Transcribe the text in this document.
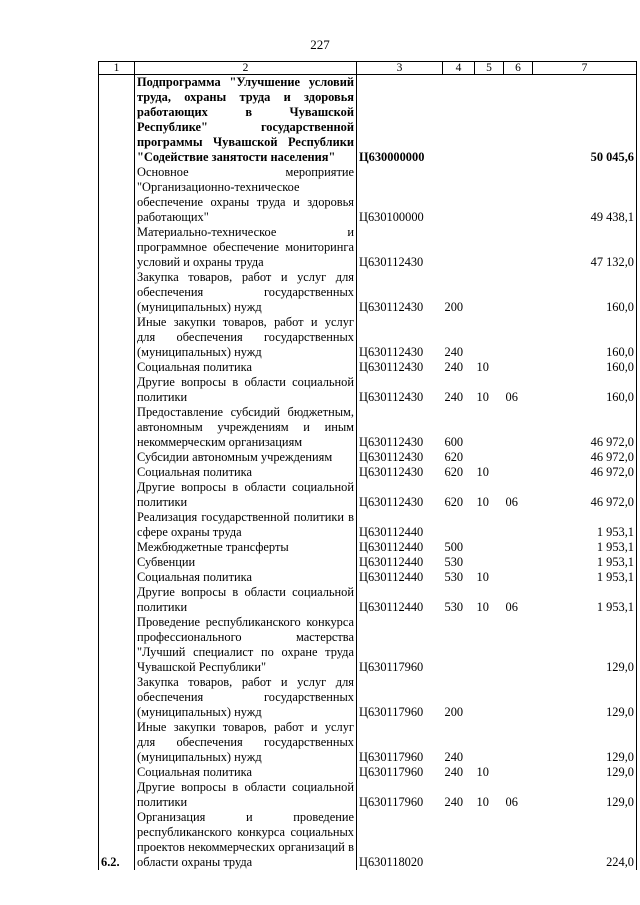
227
1	2	3	4	5	6	7
6.2.	Подпрограмма "Улучшение условий труда, охраны труда и здоровья работающих в Чувашской Республике" государственной программы Чувашской Республики "Содействие занятости населения"	Ц630000000				50 045,6
	Основное мероприятие "Организационно-техническое обеспечение охраны труда и здоровья работающих"	Ц630100000				49 438,1
	Материально-техническое и программное обеспечение мониторинга условий и охраны труда	Ц630112430				47 132,0
	Закупка товаров, работ и услуг для обеспечения государственных (муниципальных) нужд	Ц630112430	200			160,0
	Иные закупки товаров, работ и услуг для обеспечения государственных (муниципальных) нужд	Ц630112430	240			160,0
	Социальная политика	Ц630112430	240	10		160,0
	Другие вопросы в области социальной политики	Ц630112430	240	10	06	160,0
	Предоставление субсидий бюджетным, автономным учреждениям и иным некоммерческим организациям	Ц630112430	600			46 972,0
	Субсидии автономным учреждениям	Ц630112430	620			46 972,0
	Социальная политика	Ц630112430	620	10		46 972,0
	Другие вопросы в области социальной политики	Ц630112430	620	10	06	46 972,0
	Реализация государственной политики в сфере охраны труда	Ц630112440				1 953,1
	Межбюджетные трансферты	Ц630112440	500			1 953,1
	Субвенции	Ц630112440	530			1 953,1
	Социальная политика	Ц630112440	530	10		1 953,1
	Другие вопросы в области социальной политики	Ц630112440	530	10	06	1 953,1
	Проведение республиканского конкурса профессионального мастерства "Лучший специалист по охране труда Чувашской Республики"	Ц630117960				129,0
	Закупка товаров, работ и услуг для обеспечения государственных (муниципальных) нужд	Ц630117960	200			129,0
	Иные закупки товаров, работ и услуг для обеспечения государственных (муниципальных) нужд	Ц630117960	240			129,0
	Социальная политика	Ц630117960	240	10		129,0
	Другие вопросы в области социальной политики	Ц630117960	240	10	06	129,0
	Организация и проведение республиканского конкурса социальных проектов некоммерческих организаций в области охраны труда	Ц630118020				224,0
